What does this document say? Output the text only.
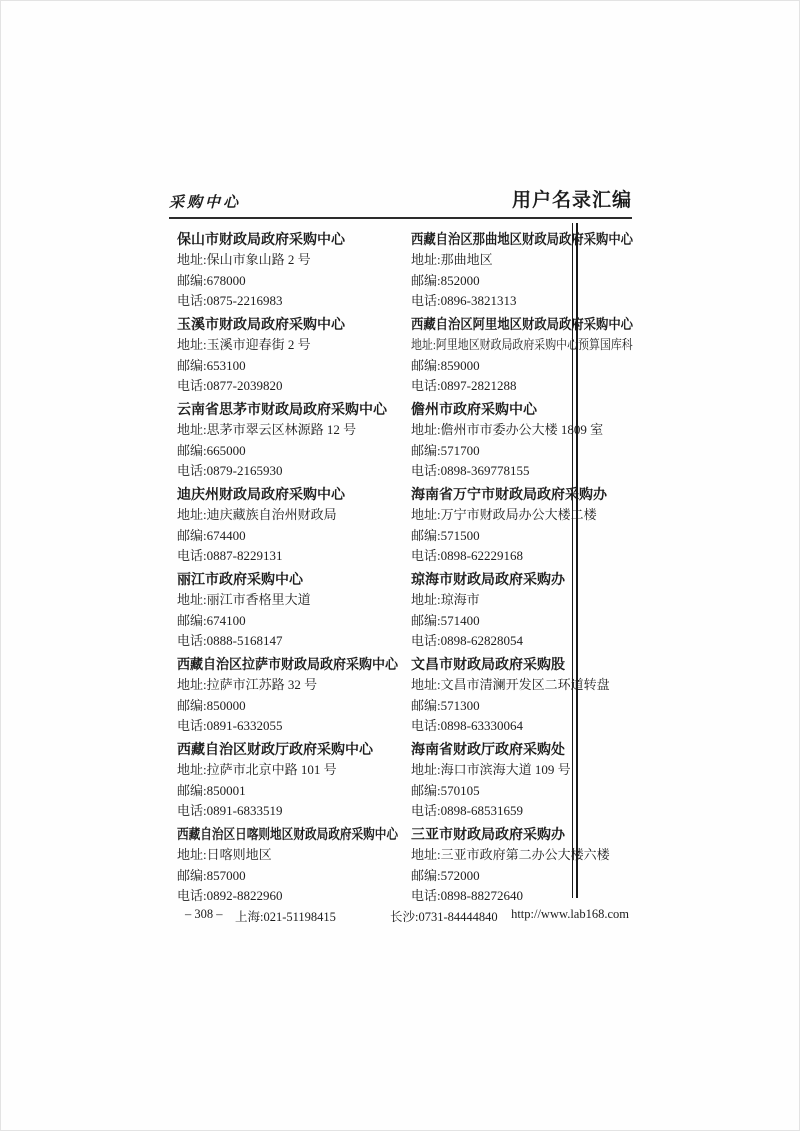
采购中心	用户名录汇编
保山市财政局政府采购中心
地址:保山市象山路 2 号
邮编:678000
电话:0875-2216983
玉溪市财政局政府采购中心
地址:玉溪市迎春街 2 号
邮编:653100
电话:0877-2039820
云南省思茅市财政局政府采购中心
地址:思茅市翠云区林源路 12 号
邮编:665000
电话:0879-2165930
迪庆州财政局政府采购中心
地址:迪庆藏族自治州财政局
邮编:674400
电话:0887-8229131
丽江市政府采购中心
地址:丽江市香格里大道
邮编:674100
电话:0888-5168147
西藏自治区拉萨市财政局政府采购中心
地址:拉萨市江苏路 32 号
邮编:850000
电话:0891-6332055
西藏自治区财政厅政府采购中心
地址:拉萨市北京中路 101 号
邮编:850001
电话:0891-6833519
西藏自治区日喀则地区财政局政府采购中心
地址:日喀则地区
邮编:857000
电话:0892-8822960
西藏自治区那曲地区财政局政府采购中心
地址:那曲地区
邮编:852000
电话:0896-3821313
西藏自治区阿里地区财政局政府采购中心
地址:阿里地区财政局政府采购中心预算国库科
邮编:859000
电话:0897-2821288
儋州市政府采购中心
地址:儋州市市委办公大楼 1809 室
邮编:571700
电话:0898-369778155
海南省万宁市财政局政府采购办
地址:万宁市财政局办公大楼二楼
邮编:571500
电话:0898-62229168
琼海市财政局政府采购办
地址:琼海市
邮编:571400
电话:0898-62828054
文昌市财政局政府采购股
地址:文昌市清澜开发区二环道转盘
邮编:571300
电话:0898-63330064
海南省财政厅政府采购处
地址:海口市滨海大道 109 号
邮编:570105
电话:0898-68531659
三亚市财政局政府采购办
地址:三亚市政府第二办公大楼六楼
邮编:572000
电话:0898-88272640
– 308 – 上海:021-51198415	长沙:0731-84444840 http://www.lab168.com
